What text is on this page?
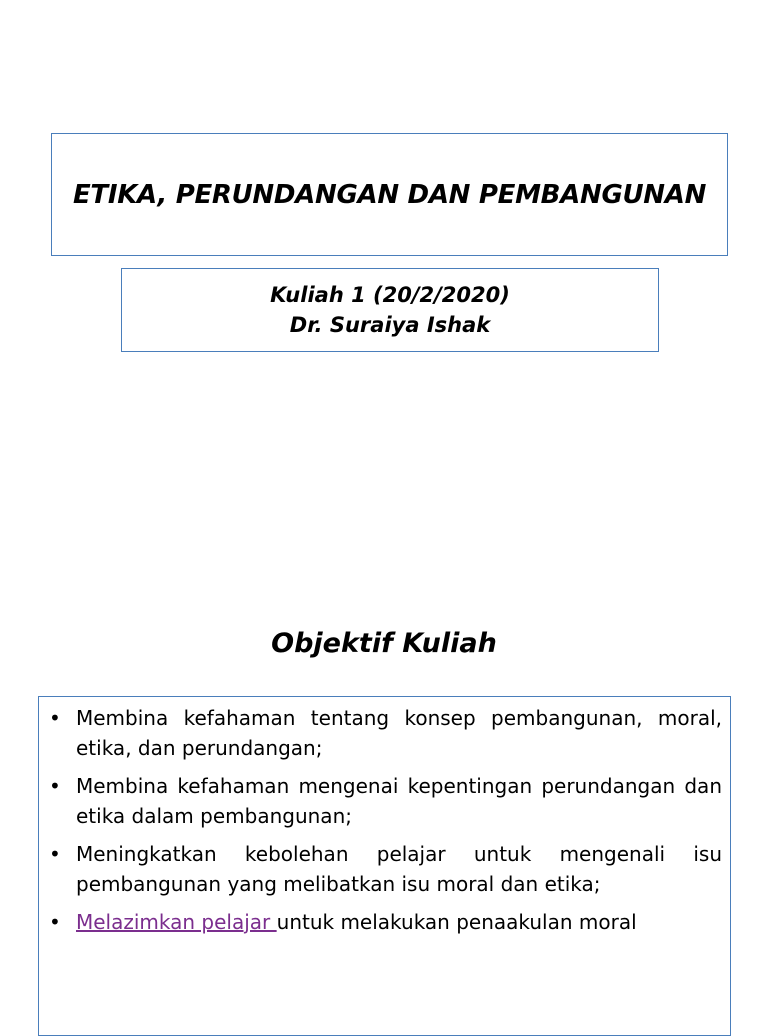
ETIKA, PERUNDANGAN DAN PEMBANGUNAN
Kuliah 1 (20/2/2020)
Dr. Suraiya Ishak
Objektif Kuliah
• Membina kefahaman tentang konsep pembangunan, moral, etika, dan perundangan;
• Membina kefahaman mengenai kepentingan perundangan dan etika dalam pembangunan;
• Meningkatkan kebolehan pelajar untuk mengenali isu pembangunan yang melibatkan isu moral dan etika;
• Melazimkan pelajar untuk melakukan penaakulan moral
